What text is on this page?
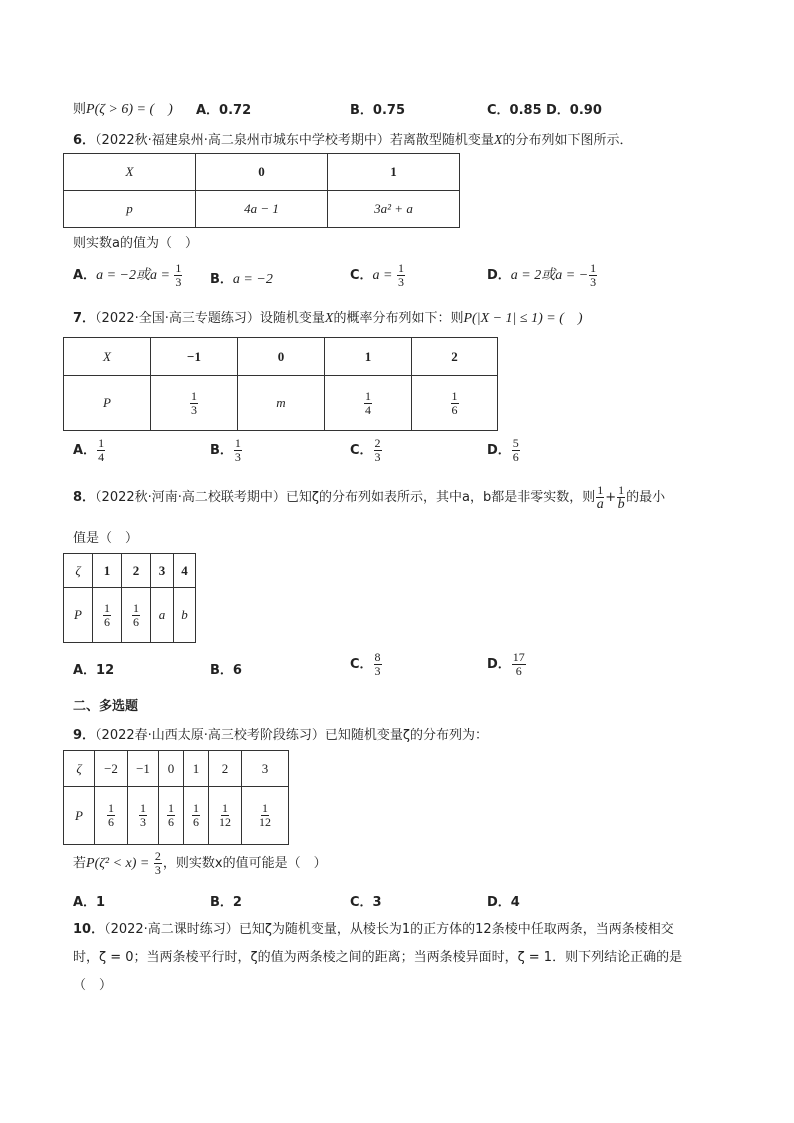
则P(ζ > 6) = (　) A．0.72	B．0.75	C．0.85 D．0.90
6．（2022秋·福建泉州·高二泉州市城东中学校考期中）若离散型随机变量X的分布列如下图所示．
X	0	1
p	4a − 1	3a² + a
则实数a的值为（　）
A．a = −2或$a = \frac{1}{3}$ B．a = −2	C．$a = \frac{1}{3}$	D．a = 2或a = − $\frac{1}{3}$
7．（2022·全国·高三专题练习）设随机变量X的概率分布列如下：则P(|X − 1| ≤ 1) = (　)
X	−1	0	1	2
P	$\frac{1}{3}$	m	$\frac{1}{4}$	$\frac{1}{6}$
A． $\frac{1}{4}$	B． $\frac{1}{3}$	C． $\frac{2}{3}$	D． $\frac{5}{6}$
8．（2022秋·河南·高二校联考期中）已知ζ的分布列如表所示，其中a，b都是非零实数，则 $\frac{1}{a} + \frac{1}{b}$ 的最小
值是（　）
ζ	1	2	3	4
P	$\frac{1}{6}$	$\frac{1}{6}$	a	b
A．12	B．6	C． $\frac{8}{3}$	D． $\frac{17}{6}$
二、多选题
9．（2022春·山西太原·高三校考阶段练习）已知随机变量ζ的分布列为：
ζ	−2	−1	0	1	2	3
P	$\frac{1}{6}$	$\frac{1}{3}$	$\frac{1}{6}$	$\frac{1}{6}$	$\frac{1}{12}$	$\frac{1}{12}$
若$P(\zeta^2 < x) = \frac{2}{3}$ ，则实数x的值可能是（　）
A．1	B．2	C．3	D．4
10．（2022·高二课时练习）已知ζ为随机变量，从棱长为1的正方体的12条棱中任取两条，当两条棱相交
时，ζ = 0；当两条棱平行时，ζ的值为两条棱之间的距离；当两条棱异面时，ζ = 1．则下列结论正确的是
（　）
